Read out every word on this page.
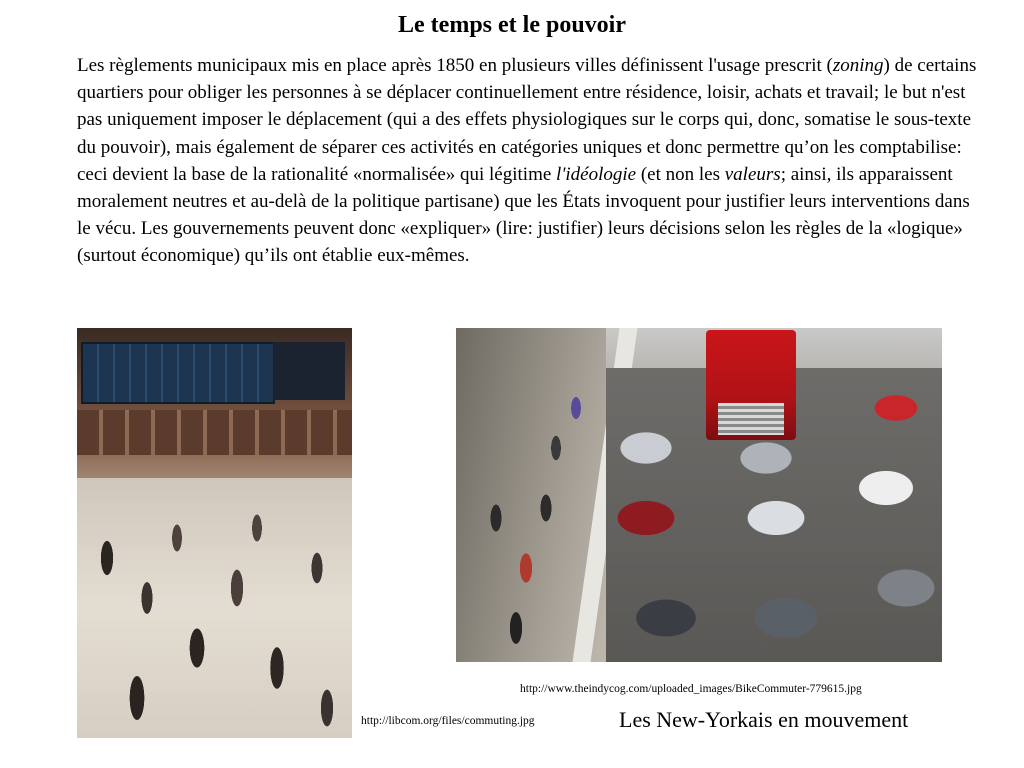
Le temps et le pouvoir
Les règlements municipaux mis en place après 1850 en plusieurs villes définissent l'usage prescrit (zoning) de certains quartiers pour obliger les personnes à se déplacer continuellement entre résidence, loisir, achats et travail; le but n'est pas uniquement imposer le déplacement (qui a des effets physiologiques sur le corps qui, donc, somatise le sous-texte du pouvoir), mais également de séparer ces activités en catégories uniques et donc permettre qu’on les comptabilise: ceci devient la base de la rationalité «normalisée» qui légitime l'idéologie (et non les valeurs; ainsi, ils apparaissent moralement neutres et au-delà de la politique partisane) que les États invoquent pour justifier leurs interventions dans le vécu. Les gouvernements peuvent donc «expliquer» (lire: justifier) leurs décisions selon les règles de la «logique» (surtout économique) qu’ils ont établie eux-mêmes.
http://www.theindycog.com/uploaded_images/BikeCommuter-779615.jpg
http://libcom.org/files/commuting.jpg	Les New-Yorkais en mouvement
